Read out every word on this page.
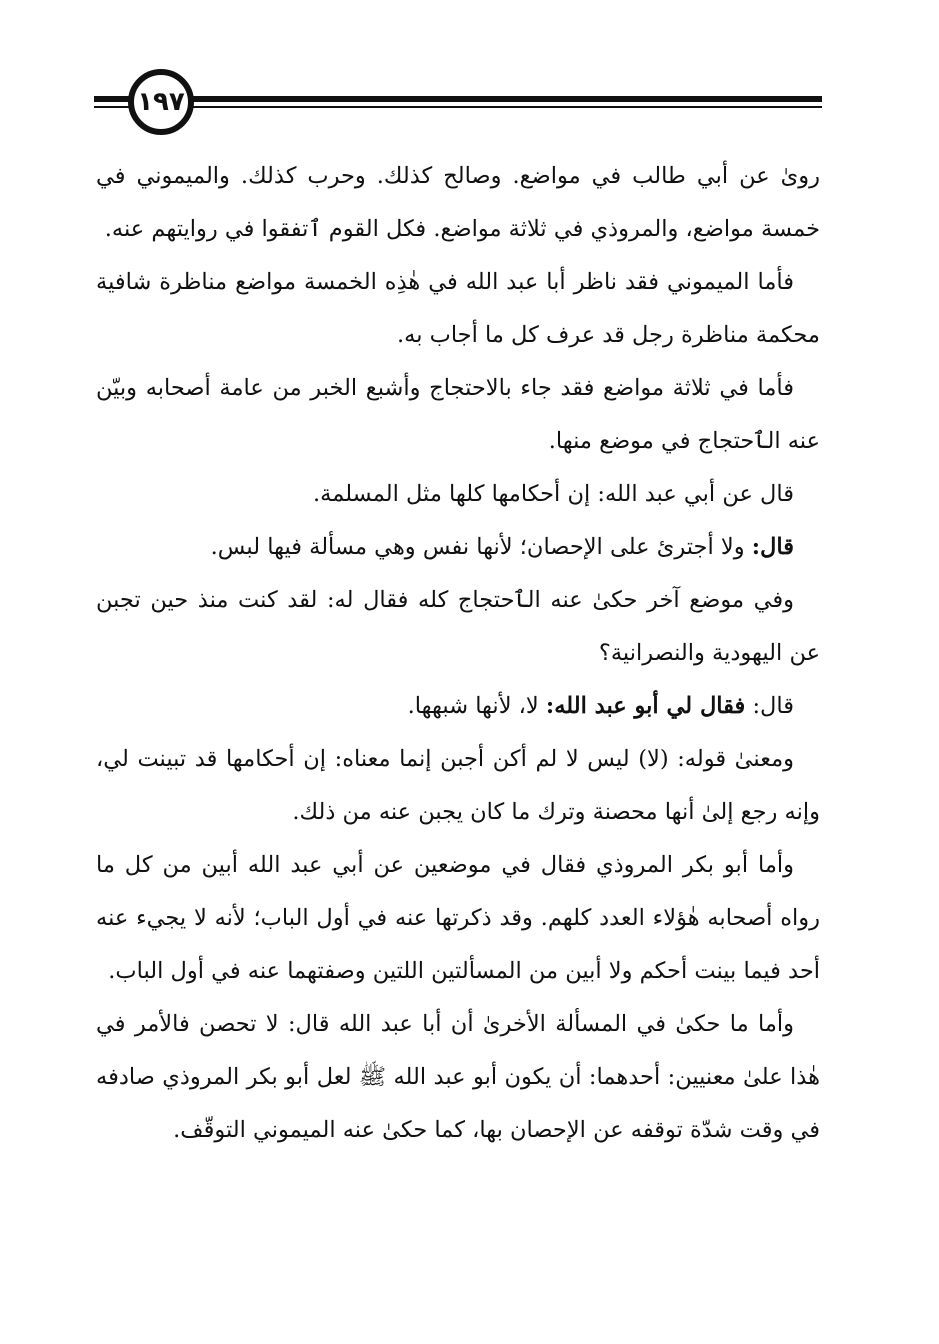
١٩٧

رویٰ عن أبي طالب في مواضع. وصالح كذلك. وحرب كذلك. والميموني في خمسة مواضع، والمروذي في ثلاثة مواضع. فكل القوم ٱتفقوا في روايتهم عنه.

فأما الميموني فقد ناظر أبا عبد الله في هٰذِه الخمسة مواضع مناظرة شافية محكمة مناظرة رجل قد عرف كل ما أجاب به.

فأما في ثلاثة مواضع فقد جاء بالاحتجاج وأشبع الخبر من عامة أصحابه وبيّن عنه الٱحتجاج في موضع منها.

قال عن أبي عبد الله: إن أحكامها كلها مثل المسلمة.

قال: ولا أجترئ على الإحصان؛ لأنها نفس وهي مسألة فيها لبس.

وفي موضع آخر حكیٰ عنه الٱحتجاج كله فقال له: لقد كنت منذ حين تجبن عن اليهودية والنصرانية؟

قال: فقال لي أبو عبد الله: لا، لأنها شبهها.

ومعنیٰ قوله: (لا) ليس لا لم أكن أجبن إنما معناه: إن أحكامها قد تبينت لي، وإنه رجع إلیٰ أنها محصنة وترك ما كان يجبن عنه من ذلك.

وأما أبو بكر المروذي فقال في موضعين عن أبي عبد الله أبين من كل ما رواه أصحابه هٰؤلاء العدد كلهم. وقد ذكرتها عنه في أول الباب؛ لأنه لا يجيء عنه أحد فيما بينت أحكم ولا أبين من المسألتين اللتين وصفتهما عنه في أول الباب.

وأما ما حكیٰ في المسألة الأخریٰ أن أبا عبد الله قال: لا تحصن فالأمر في هٰذا علیٰ معنيين: أحدهما: أن يكون أبو عبد الله ﷺ لعل أبو بكر المروذي صادفه في وقت شدّة توقفه عن الإحصان بها، كما حكیٰ عنه الميموني التوقّف.
